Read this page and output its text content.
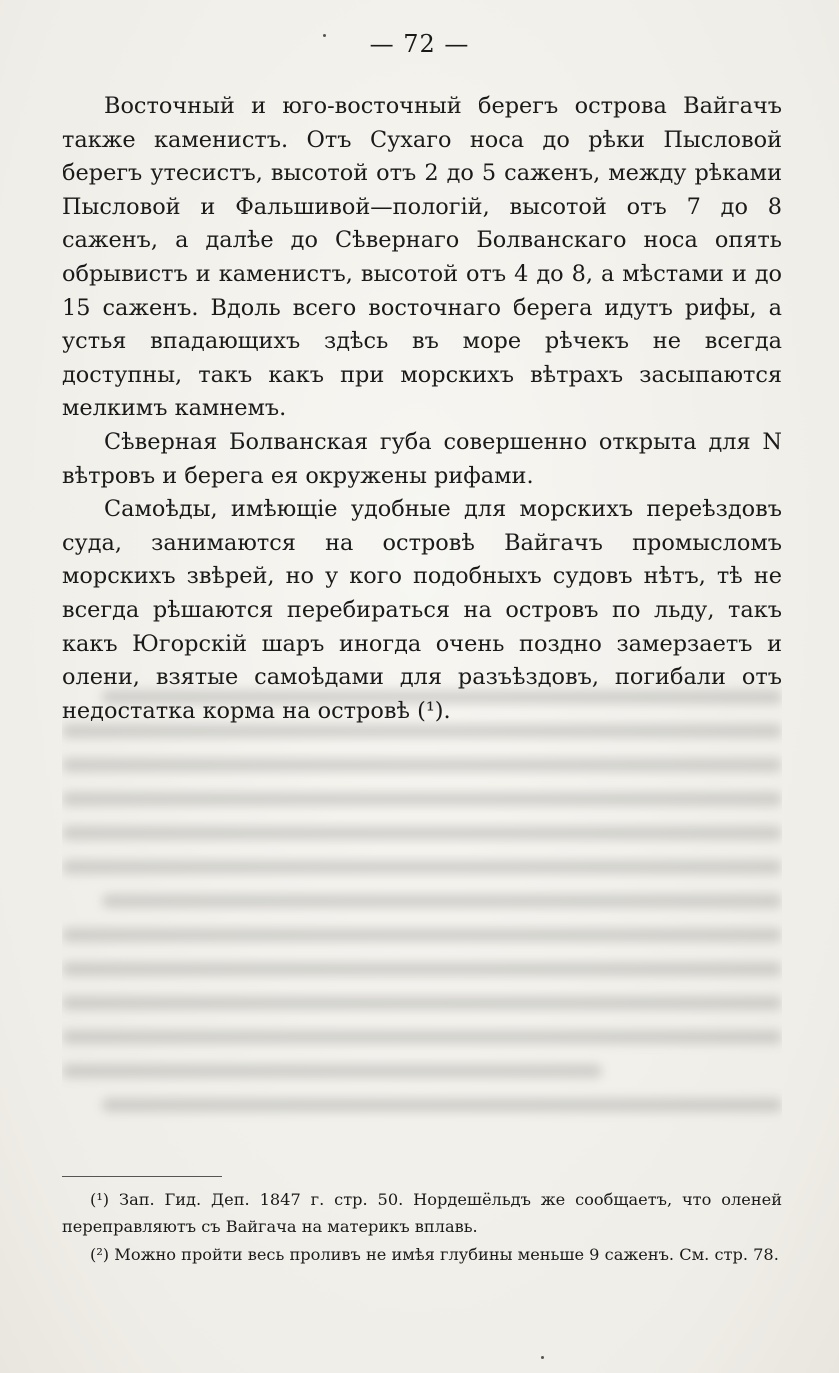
— 72 —

Восточный и юго-восточный берегъ острова Вайгачъ также каменистъ. Отъ Сухаго носа до рѣки Пысловой берегъ утесистъ, высотой отъ 2 до 5 саженъ, между рѣками Пысловой и Фальшивой—пологій, высотой отъ 7 до 8 саженъ, а далѣе до Сѣвернаго Болванскаго носа опять обрывистъ и каменистъ, высотой отъ 4 до 8, а мѣстами и до 15 саженъ. Вдоль всего восточнаго берега идутъ рифы, а устья впадающихъ здѣсь въ море рѣчекъ не всегда доступны, такъ какъ при морскихъ вѣтрахъ засыпаются мелкимъ камнемъ.

Сѣверная Болванская губа совершенно открыта для N вѣтровъ и берега ея окружены рифами.

Самоѣды, имѣющіе удобные для морскихъ переѣздовъ суда, занимаются на островѣ Вайгачъ промысломъ морскихъ звѣрей, но у кого подобныхъ судовъ нѣтъ, тѣ не всегда рѣшаются перебираться на островъ по льду, такъ какъ Югорскій шаръ иногда очень поздно замерзаетъ и олени, взятые самоѣдами для разъѣздовъ, погибали отъ недостатка корма на островѣ (¹).

(¹) Зап. Гид. Деп. 1847 г. стр. 50. Нордешёльдъ же сообщаетъ, что оленей переправляютъ съ Вайгача на материкъ вплавь.

(²) Можно пройти весь проливъ не имѣя глубины меньше 9 саженъ. См. стр. 78.
